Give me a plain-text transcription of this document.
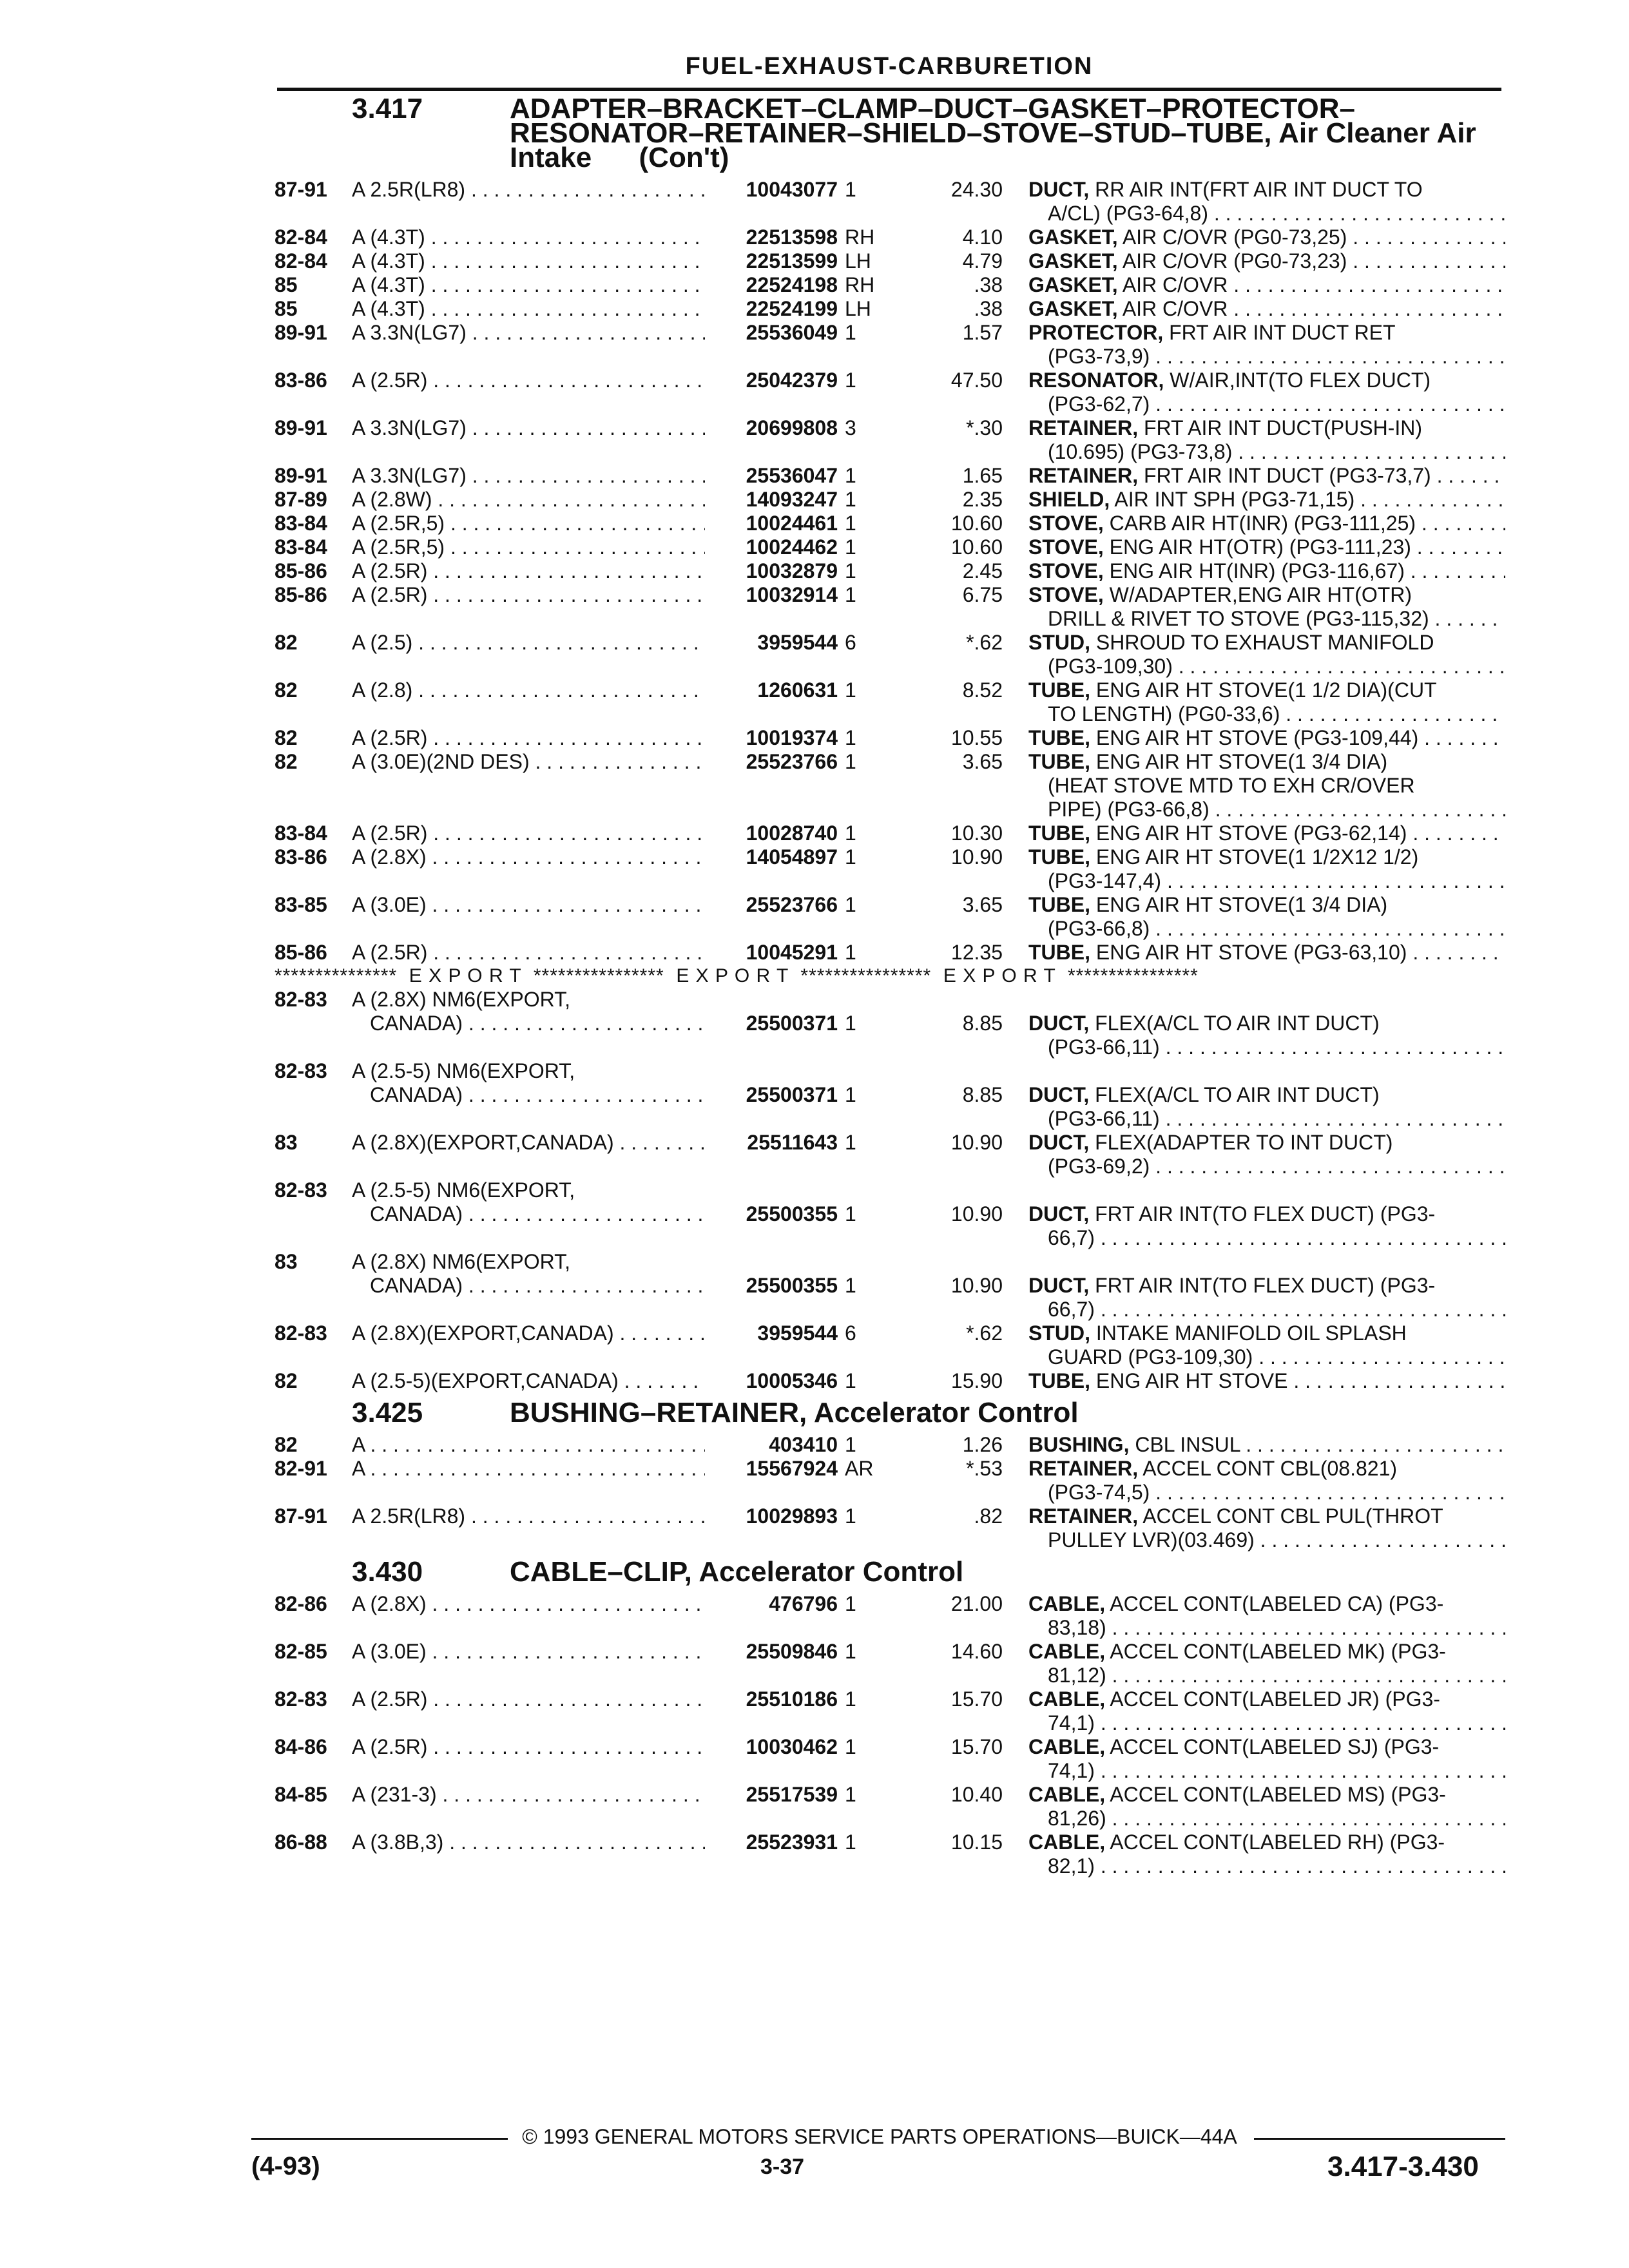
FUEL-EXHAUST-CARBURETION
3.417	ADAPTER–BRACKET–CLAMP–DUCT–GASKET–PROTECTOR–
RESONATOR–RETAINER–SHIELD–STOVE–STUD–TUBE, Air Cleaner Air
Intake      (Con't)
87-91 A 2.5R(LR8) . . .	10043077 1	24.30 DUCT, RR AIR INT(FRT AIR INT DUCT TO
A/CL) (PG3-64,8) . . .
82-84 A (4.3T) . . .	22513598 RH	4.10 GASKET, AIR C/OVR (PG0-73,25) . . .
82-84 A (4.3T) . . .	22513599 LH	4.79 GASKET, AIR C/OVR (PG0-73,23) . . .
85	A (4.3T) . . .	22524198 RH	.38 GASKET, AIR C/OVR . . .
85	A (4.3T) . . .	22524199 LH	.38 GASKET, AIR C/OVR . . .
89-91 A 3.3N(LG7) . . .	25536049 1	1.57 PROTECTOR, FRT AIR INT DUCT RET
(PG3-73,9) . . .
83-86 A (2.5R) . . .	25042379 1	47.50 RESONATOR, W/AIR,INT(TO FLEX DUCT)
(PG3-62,7) . . .
89-91 A 3.3N(LG7) . . .	20699808 3	*.30 RETAINER, FRT AIR INT DUCT(PUSH-IN)
(10.695) (PG3-73,8) . . .
89-91 A 3.3N(LG7) . . .	25536047 1	1.65 RETAINER, FRT AIR INT DUCT (PG3-73,7) . . .
87-89 A (2.8W) . . .	14093247 1	2.35 SHIELD, AIR INT SPH (PG3-71,15) . . .
83-84 A (2.5R,5) . . .	10024461 1	10.60 STOVE, CARB AIR HT(INR) (PG3-111,25) . . .
83-84 A (2.5R,5) . . .	10024462 1	10.60 STOVE, ENG AIR HT(OTR) (PG3-111,23) . . .
85-86 A (2.5R) . . .	10032879 1	2.45 STOVE, ENG AIR HT(INR) (PG3-116,67) . . .
85-86 A (2.5R) . . .	10032914 1	6.75 STOVE, W/ADAPTER,ENG AIR HT(OTR)
DRILL & RIVET TO STOVE (PG3-115,32) . . .
82	A (2.5) . . .	3959544 6	*.62 STUD, SHROUD TO EXHAUST MANIFOLD
(PG3-109,30) . . .
82	A (2.8) . . .	1260631 1	8.52 TUBE, ENG AIR HT STOVE(1 1/2 DIA)(CUT
TO LENGTH) (PG0-33,6) . . .
82	A (2.5R) . . .	10019374 1	10.55 TUBE, ENG AIR HT STOVE (PG3-109,44) . . .
82	A (3.0E)(2ND DES) . . .	25523766 1	3.65 TUBE, ENG AIR HT STOVE(1 3/4 DIA)
(HEAT STOVE MTD TO EXH CR/OVER
PIPE) (PG3-66,8) . . .
83-84 A (2.5R) . . .	10028740 1	10.30 TUBE, ENG AIR HT STOVE (PG3-62,14) . . .
83-86 A (2.8X) . . .	14054897 1	10.90 TUBE, ENG AIR HT STOVE(1 1/2X12 1/2)
(PG3-147,4) . . .
83-85 A (3.0E) . . .	25523766 1	3.65 TUBE, ENG AIR HT STOVE(1 3/4 DIA)
(PG3-66,8) . . .
85-86 A (2.5R) . . .	10045291 1	12.35 TUBE, ENG AIR HT STOVE (PG3-63,10) . . .
***************  E X P O R T  ****************  E X P O R T  ****************  E X P O R T  ****************
82-83 A (2.8X) NM6(EXPORT,
CANADA) . . .	25500371 1	8.85 DUCT, FLEX(A/CL TO AIR INT DUCT)
(PG3-66,11) . . .
82-83 A (2.5-5) NM6(EXPORT,
CANADA) . . .	25500371 1	8.85 DUCT, FLEX(A/CL TO AIR INT DUCT)
(PG3-66,11) . . .
83	A (2.8X)(EXPORT,CANADA) . . .	25511643 1	10.90 DUCT, FLEX(ADAPTER TO INT DUCT)
(PG3-69,2) . . .
82-83 A (2.5-5) NM6(EXPORT,
CANADA) . . .	25500355 1	10.90 DUCT, FRT AIR INT(TO FLEX DUCT) (PG3-
66,7) . . .
83	A (2.8X) NM6(EXPORT,
CANADA) . . .	25500355 1	10.90 DUCT, FRT AIR INT(TO FLEX DUCT) (PG3-
66,7) . . .
82-83 A (2.8X)(EXPORT,CANADA) . . .	3959544 6	*.62 STUD, INTAKE MANIFOLD OIL SPLASH
GUARD (PG3-109,30) . . .
82	A (2.5-5)(EXPORT,CANADA) . . .	10005346 1	15.90 TUBE, ENG AIR HT STOVE . . .
3.425	BUSHING–RETAINER, Accelerator Control
82	A . . .	403410 1	1.26 BUSHING, CBL INSUL . . .
82-91 A . . .	15567924 AR	*.53 RETAINER, ACCEL CONT CBL(08.821)
(PG3-74,5) . . .
87-91 A 2.5R(LR8) . . .	10029893 1	.82 RETAINER, ACCEL CONT CBL PUL(THROT
PULLEY LVR)(03.469) . . .
3.430	CABLE–CLIP, Accelerator Control
82-86 A (2.8X) . . .	476796 1	21.00 CABLE, ACCEL CONT(LABELED CA) (PG3-
83,18) . . .
82-85 A (3.0E) . . .	25509846 1	14.60 CABLE, ACCEL CONT(LABELED MK) (PG3-
81,12) . . .
82-83 A (2.5R) . . .	25510186 1	15.70 CABLE, ACCEL CONT(LABELED JR) (PG3-
74,1) . . .
84-86 A (2.5R) . . .	10030462 1	15.70 CABLE, ACCEL CONT(LABELED SJ) (PG3-
74,1) . . .
84-85 A (231-3) . . .	25517539 1	10.40 CABLE, ACCEL CONT(LABELED MS) (PG3-
81,26) . . .
86-88 A (3.8B,3) . . .	25523931 1	10.15 CABLE, ACCEL CONT(LABELED RH) (PG3-
82,1) . . .
© 1993 GENERAL MOTORS SERVICE PARTS OPERATIONS—BUICK—44A
(4-93)	3-37	3.417-3.430
